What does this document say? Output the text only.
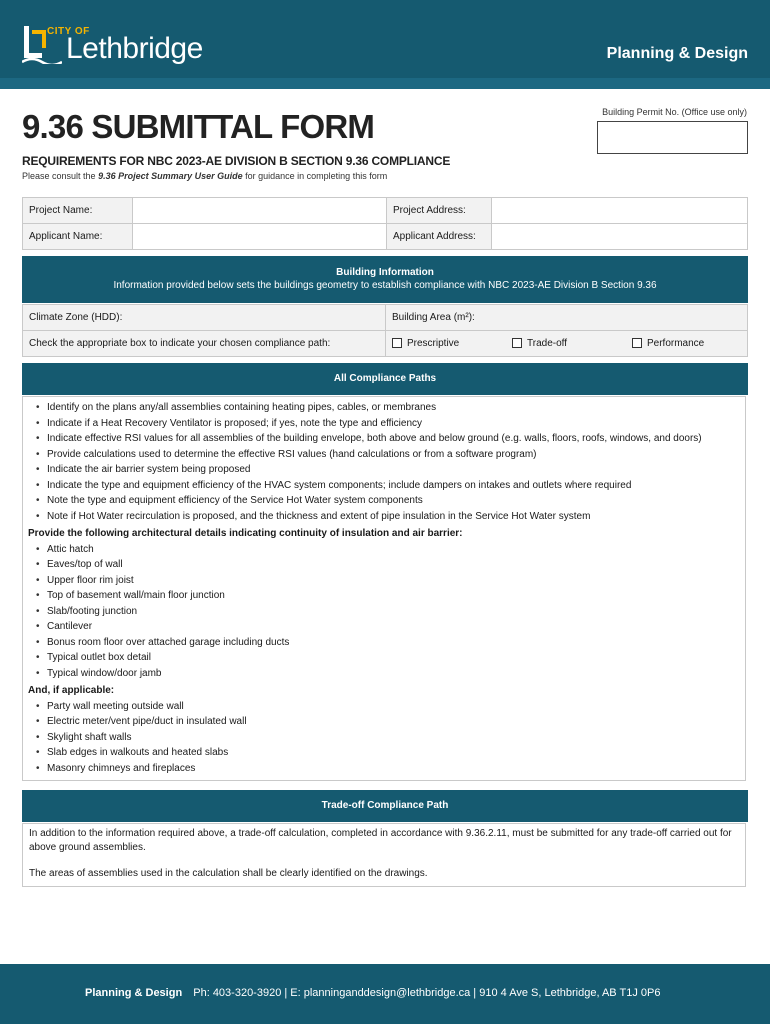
CITY OF
Lethbridge	Planning & Design
9.36 SUBMITTAL FORM	Building Permit No. (Office use only)
REQUIREMENTS FOR NBC 2023-AE DIVISION B SECTION 9.36 COMPLIANCE
Please consult the 9.36 Project Summary User Guide for guidance in completing this form
Project Name:		Project Address:	
Applicant Name:		Applicant Address:	
Building Information
Information provided below sets the buildings geometry to establish compliance with NBC 2023-AE Division B Section 9.36
Climate Zone (HDD):	Building Area (m²):		
Check the appropriate box to indicate your chosen compliance path:	Prescriptive	Trade-off	Performance
All Compliance Paths
• Identify on the plans any/all assemblies containing heating pipes, cables, or membranes
• Indicate if a Heat Recovery Ventilator is proposed; if yes, note the type and efficiency
• Indicate effective RSI values for all assemblies of the building envelope, both above and below ground (e.g. walls, floors, roofs, windows, and doors)
• Provide calculations used to determine the effective RSI values (hand calculations or from a software program)
• Indicate the air barrier system being proposed
• Indicate the type and equipment efficiency of the HVAC system components; include dampers on intakes and outlets where required
• Note the type and equipment efficiency of the Service Hot Water system components
• Note if Hot Water recirculation is proposed, and the thickness and extent of pipe insulation in the Service Hot Water system
Provide the following architectural details indicating continuity of insulation and air barrier:
• Attic hatch
• Eaves/top of wall
• Upper floor rim joist
• Top of basement wall/main floor junction
• Slab/footing junction
• Cantilever
• Bonus room floor over attached garage including ducts
• Typical outlet box detail
• Typical window/door jamb
And, if applicable:
• Party wall meeting outside wall
• Electric meter/vent pipe/duct in insulated wall
• Skylight shaft walls
• Slab edges in walkouts and heated slabs
• Masonry chimneys and fireplaces
Trade-off Compliance Path
In addition to the information required above, a trade-off calculation, completed in accordance with 9.36.2.11, must be submitted for any trade-off carried out for above ground assemblies.
The areas of assemblies used in the calculation shall be clearly identified on the drawings.
Planning & Design Ph: 403-320-3920 | E: planninganddesign@lethbridge.ca | 910 4 Ave S, Lethbridge, AB T1J 0P6
